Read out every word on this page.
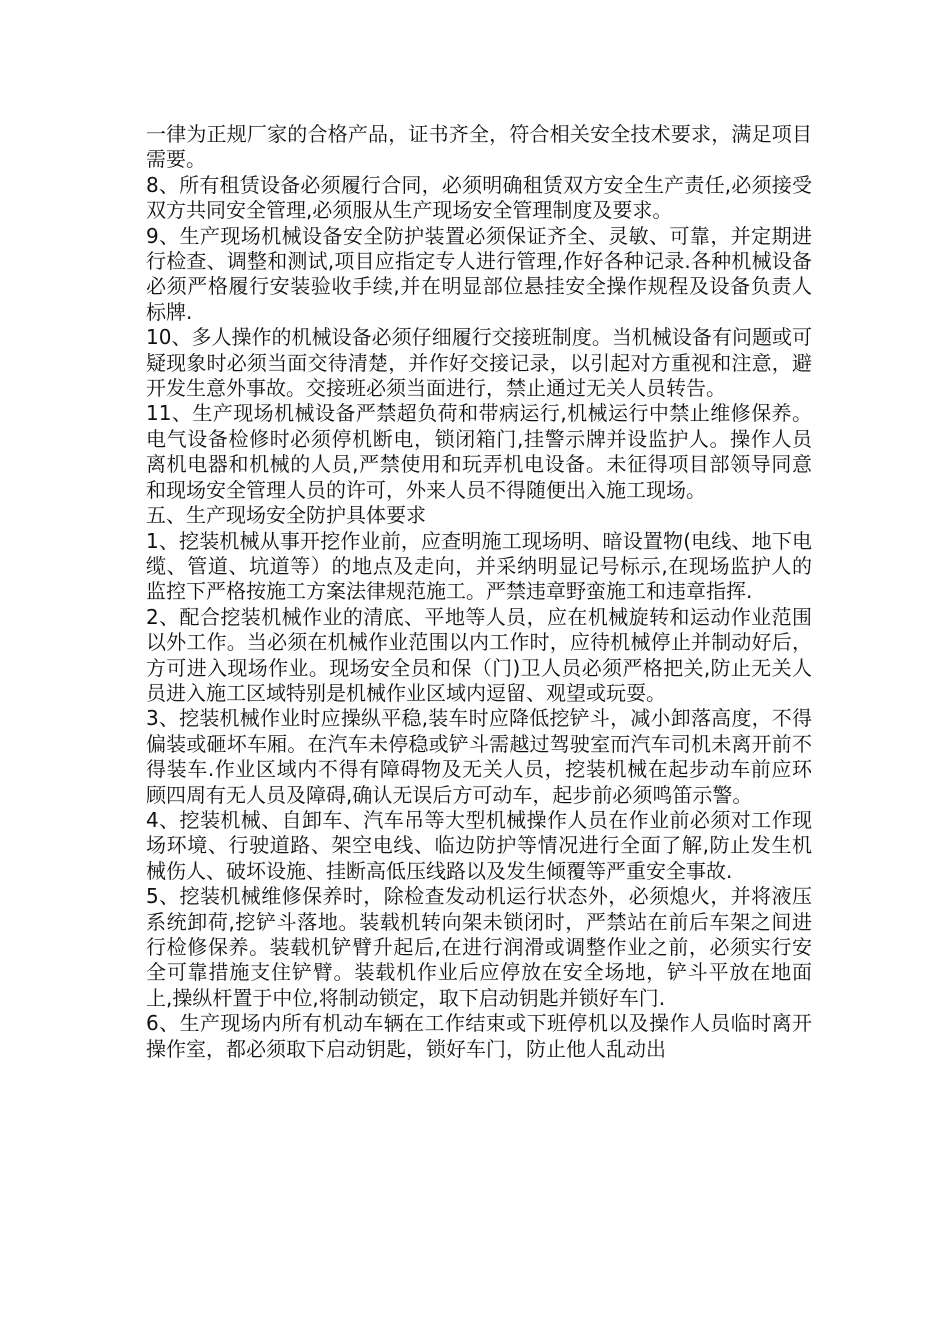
一律为正规厂家的合格产品，证书齐全，符合相关安全技术要求，满足项目需要。

8、所有租赁设备必须履行合同，必须明确租赁双方安全生产责任,必须接受双方共同安全管理,必须服从生产现场安全管理制度及要求。

9、生产现场机械设备安全防护装置必须保证齐全、灵敏、可靠，并定期进行检查、调整和测试,项目应指定专人进行管理,作好各种记录.各种机械设备必须严格履行安装验收手续,并在明显部位悬挂安全操作规程及设备负责人标牌.

10、多人操作的机械设备必须仔细履行交接班制度。当机械设备有问题或可疑现象时必须当面交待清楚，并作好交接记录，以引起对方重视和注意，避开发生意外事故。交接班必须当面进行，禁止通过无关人员转告。

11、生产现场机械设备严禁超负荷和带病运行,机械运行中禁止维修保养。电气设备检修时必须停机断电，锁闭箱门,挂警示牌并设监护人。操作人员离机电器和机械的人员,严禁使用和玩弄机电设备。未征得项目部领导同意和现场安全管理人员的许可，外来人员不得随便出入施工现场。

五、生产现场安全防护具体要求

1、挖装机械从事开挖作业前，应查明施工现场明、暗设置物(电线、地下电缆、管道、坑道等）的地点及走向，并采纳明显记号标示,在现场监护人的监控下严格按施工方案法律规范施工。严禁违章野蛮施工和违章指挥.

2、配合挖装机械作业的清底、平地等人员，应在机械旋转和运动作业范围以外工作。当必须在机械作业范围以内工作时，应待机械停止并制动好后，方可进入现场作业。现场安全员和保（门)卫人员必须严格把关,防止无关人员进入施工区域特别是机械作业区域内逗留、观望或玩耍。

3、挖装机械作业时应操纵平稳,装车时应降低挖铲斗，减小卸落高度，不得偏装或砸坏车厢。在汽车未停稳或铲斗需越过驾驶室而汽车司机未离开前不得装车.作业区域内不得有障碍物及无关人员，挖装机械在起步动车前应环顾四周有无人员及障碍,确认无误后方可动车，起步前必须鸣笛示警。

4、挖装机械、自卸车、汽车吊等大型机械操作人员在作业前必须对工作现场环境、行驶道路、架空电线、临边防护等情况进行全面了解,防止发生机械伤人、破坏设施、挂断高低压线路以及发生倾覆等严重安全事故.

5、挖装机械维修保养时，除检查发动机运行状态外，必须熄火，并将液压系统卸荷,挖铲斗落地。装载机转向架未锁闭时，严禁站在前后车架之间进行检修保养。装载机铲臂升起后,在进行润滑或调整作业之前，必须实行安全可靠措施支住铲臂。装载机作业后应停放在安全场地，铲斗平放在地面上,操纵杆置于中位,将制动锁定，取下启动钥匙并锁好车门.

6、生产现场内所有机动车辆在工作结束或下班停机以及操作人员临时离开操作室，都必须取下启动钥匙，锁好车门，防止他人乱动出
